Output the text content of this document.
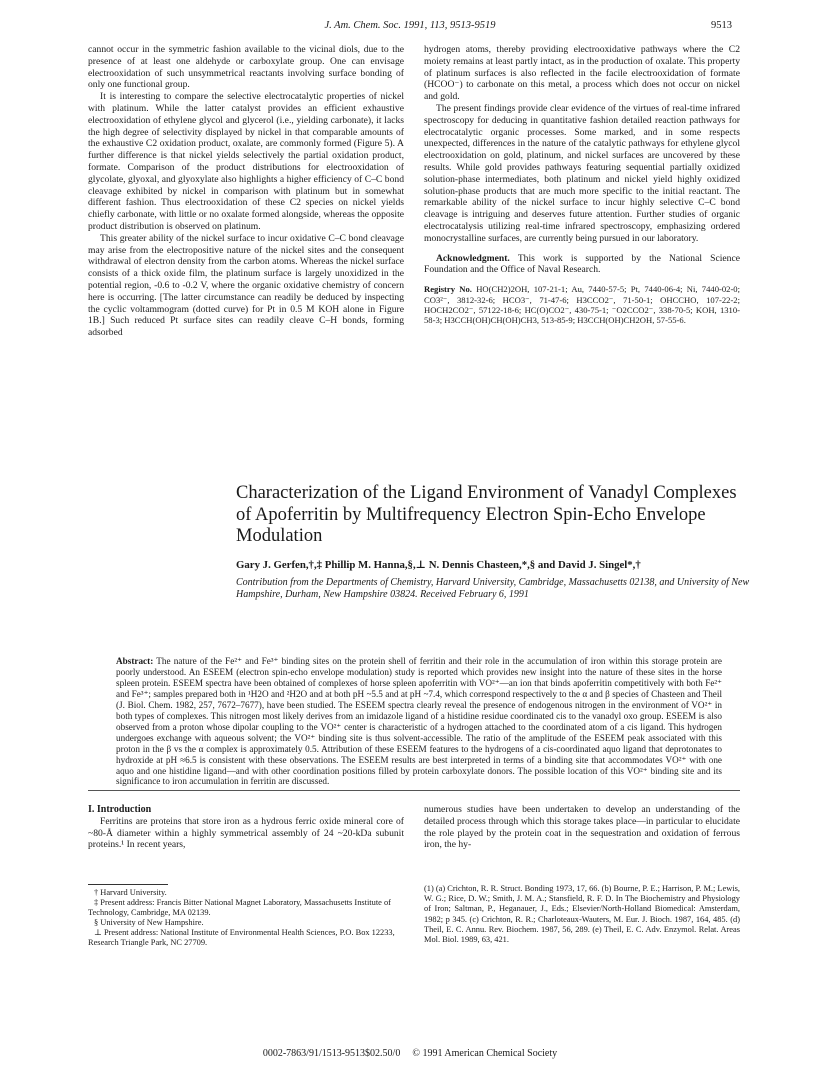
J. Am. Chem. Soc. 1991, 113, 9513-9519	9513

cannot occur in the symmetric fashion available to the vicinal diols, due to the presence of at least one aldehyde or carboxylate group. One can envisage electrooxidation of such unsymmetrical reactants involving surface bonding of only one functional group.

It is interesting to compare the selective electrocatalytic properties of nickel with platinum. While the latter catalyst provides an efficient exhaustive electrooxidation of ethylene glycol and glycerol (i.e., yielding carbonate), it lacks the high degree of selectivity displayed by nickel in that comparable amounts of the exhaustive C2 oxidation product, oxalate, are commonly formed (Figure 5). A further difference is that nickel yields selectively the partial oxidation product, formate. Comparison of the product distributions for electrooxidation of glycolate, glyoxal, and glyoxylate also highlights a higher efficiency of C–C bond cleavage exhibited by nickel in comparison with platinum but in somewhat different fashion. Thus electrooxidation of these C2 species on nickel yields chiefly carbonate, with little or no oxalate formed alongside, whereas the opposite product distribution is observed on platinum.

This greater ability of the nickel surface to incur oxidative C–C bond cleavage may arise from the electropositive nature of the nickel sites and the consequent withdrawal of electron density from the carbon atoms. Whereas the nickel surface consists of a thick oxide film, the platinum surface is largely unoxidized in the potential region, -0.6 to -0.2 V, where the organic oxidative chemistry of concern here is occurring. [The latter circumstance can readily be deduced by inspecting the cyclic voltammogram (dotted curve) for Pt in 0.5 M KOH alone in Figure 1B.] Such reduced Pt surface sites can readily cleave C–H bonds, forming adsorbed

hydrogen atoms, thereby providing electrooxidative pathways where the C2 moiety remains at least partly intact, as in the production of oxalate. This property of platinum surfaces is also reflected in the facile electrooxidation of formate (HCOO⁻) to carbonate on this metal, a process which does not occur on nickel and gold.

The present findings provide clear evidence of the virtues of real-time infrared spectroscopy for deducing in quantitative fashion detailed reaction pathways for electrocatalytic organic processes. Some marked, and in some respects unexpected, differences in the nature of the catalytic pathways for ethylene glycol electrooxidation on gold, platinum, and nickel surfaces are uncovered by these results. While gold provides pathways featuring sequential partially oxidized solution-phase intermediates, both platinum and nickel yield highly oxidized solution-phase products that are much more specific to the initial reactant. The remarkable ability of the nickel surface to incur highly selective C–C bond cleavage is intriguing and deserves future attention. Further studies of organic electrocatalysis utilizing real-time infrared spectroscopy, emphasizing ordered monocrystalline surfaces, are currently being pursued in our laboratory.

Acknowledgment. This work is supported by the National Science Foundation and the Office of Naval Research.

Registry No. HO(CH2)2OH, 107-21-1; Au, 7440-57-5; Pt, 7440-06-4; Ni, 7440-02-0; CO3²⁻, 3812-32-6; HCO3⁻, 71-47-6; H3CCO2⁻, 71-50-1; OHCCHO, 107-22-2; HOCH2CO2⁻, 57122-18-6; HC(O)CO2⁻, 430-75-1; ⁻O2CCO2⁻, 338-70-5; KOH, 1310-58-3; H3CCH(OH)CH(OH)CH3, 513-85-9; H3CCH(OH)CH2OH, 57-55-6.

Characterization of the Ligand Environment of Vanadyl Complexes of Apoferritin by Multifrequency Electron Spin-Echo Envelope Modulation
Gary J. Gerfen,†,‡ Phillip M. Hanna,§,⊥ N. Dennis Chasteen,*,§ and David J. Singel*,†
Contribution from the Departments of Chemistry, Harvard University, Cambridge, Massachusetts 02138, and University of New Hampshire, Durham, New Hampshire 03824. Received February 6, 1991
Abstract: The nature of the Fe²⁺ and Fe³⁺ binding sites on the protein shell of ferritin and their role in the accumulation of iron within this storage protein are poorly understood. An ESEEM (electron spin-echo envelope modulation) study is reported which provides new insight into the nature of these sites in the horse spleen protein. ESEEM spectra have been obtained of complexes of horse spleen apoferritin with VO²⁺—an ion that binds apoferritin competitively with both Fe²⁺ and Fe³⁺; samples prepared both in ¹H2O and ²H2O and at both pH ~5.5 and at pH ~7.4, which correspond respectively to the α and β species of Chasteen and Theil (J. Biol. Chem. 1982, 257, 7672–7677), have been studied. The ESEEM spectra clearly reveal the presence of endogenous nitrogen in the environment of VO²⁺ in both types of complexes. This nitrogen most likely derives from an imidazole ligand of a histidine residue coordinated cis to the vanadyl oxo group. ESEEM is also observed from a proton whose dipolar coupling to the VO²⁺ center is characteristic of a hydrogen attached to the coordinated atom of a cis ligand. This hydrogen undergoes exchange with aqueous solvent; the VO²⁺ binding site is thus solvent-accessible. The ratio of the amplitude of the ESEEM peak associated with this proton in the β vs the α complex is approximately 0.5. Attribution of these ESEEM features to the hydrogens of a cis-coordinated aquo ligand that deprotonates to hydroxide at pH ≈6.5 is consistent with these observations. The ESEEM results are best interpreted in terms of a binding site that accommodates VO²⁺ with one aquo and one histidine ligand—and with other coordination positions filled by protein carboxylate donors. The possible location of this VO²⁺ binding site and its significance to iron accumulation in ferritin are discussed.

I. Introduction

Ferritins are proteins that store iron as a hydrous ferric oxide mineral core of ~80-Å diameter within a highly symmetrical assembly of 24 ~20-kDa subunit proteins.¹ In recent years,

numerous studies have been undertaken to develop an understanding of the detailed process through which this storage takes place—in particular to elucidate the role played by the protein coat in the sequestration and oxidation of ferrous iron, the hy-

† Harvard University.
‡ Present address: Francis Bitter National Magnet Laboratory, Massachusetts Institute of Technology, Cambridge, MA 02139.
§ University of New Hampshire.
⊥ Present address: National Institute of Environmental Health Sciences, P.O. Box 12233, Research Triangle Park, NC 27709.
(1) (a) Crichton, R. R. Struct. Bonding 1973, 17, 66. (b) Bourne, P. E.; Harrison, P. M.; Lewis, W. G.; Rice, D. W.; Smith, J. M. A.; Stansfield, R. F. D. In The Biochemistry and Physiology of Iron; Saltman, P., Heganauer, J., Eds.; Elsevier/North-Holland Biomedical: Amsterdam, 1982; p 345. (c) Crichton, R. R.; Charloteaux-Wauters, M. Eur. J. Bioch. 1987, 164, 485. (d) Theil, E. C. Annu. Rev. Biochem. 1987, 56, 289. (e) Theil, E. C. Adv. Enzymol. Relat. Areas Mol. Biol. 1989, 63, 421.
0002-7863/91/1513-9513$02.50/0 © 1991 American Chemical Society
